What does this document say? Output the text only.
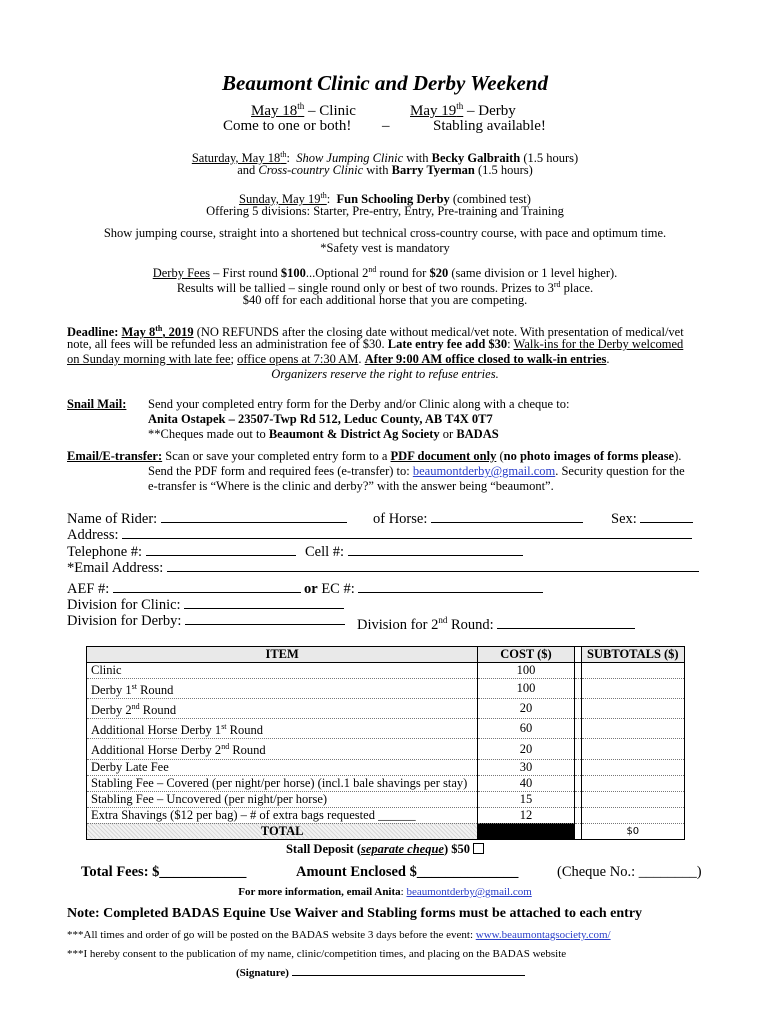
Beaumont Clinic and Derby Weekend
May 18th – Clinic	May 19th – Derby
Come to one or both! –	Stabling available!
Saturday, May 18th: Show Jumping Clinic with Becky Galbraith (1.5 hours)
and Cross-country Clinic with Barry Tyerman (1.5 hours)
Sunday, May 19th: Fun Schooling Derby (combined test)
Offering 5 divisions: Starter, Pre-entry, Entry, Pre-training and Training
Show jumping course, straight into a shortened but technical cross-country course, with pace and optimum time.
*Safety vest is mandatory
Derby Fees – First round $100...Optional 2nd round for $20 (same division or 1 level higher).
Results will be tallied – single round only or best of two rounds. Prizes to 3rd place.
$40 off for each additional horse that you are competing.
Deadline: May 8th, 2019 (NO REFUNDS after the closing date without medical/vet note. With presentation of medical/vet
note, all fees will be refunded less an administration fee of $30. Late entry fee add $30: Walk-ins for the Derby welcomed
on Sunday morning with late fee; office opens at 7:30 AM. After 9:00 AM office closed to walk-in entries.
Organizers reserve the right to refuse entries.
Snail Mail: Send your completed entry form for the Derby and/or Clinic along with a cheque to:
Anita Ostapek – 23507-Twp Rd 512, Leduc County, AB T4X 0T7
**Cheques made out to Beaumont & District Ag Society or BADAS
Email/E-transfer: Scan or save your completed entry form to a PDF document only (no photo images of forms please).
Send the PDF form and required fees (e-transfer) to: beaumontderby@gmail.com. Security question for the
e-transfer is “Where is the clinic and derby?” with the answer being “beaumont”.
Name of Rider:	of Horse:	Sex:
Address:
Telephone #:	Cell #:
*Email Address:
AEF #:	or EC #:
Division for Clinic:
Division for Derby:	Division for 2nd Round:
ITEM	COST ($)		SUBTOTALS ($)
Clinic	100		
Derby 1st Round	100		
Derby 2nd Round	20		
Additional Horse Derby 1st Round	60		
Additional Horse Derby 2nd Round	20		
Derby Late Fee	30		
Stabling Fee – Covered (per night/per horse) (incl.1 bale shavings per stay)	40		
Stabling Fee – Uncovered (per night/per horse)	15		
Extra Shavings ($12 per bag) – # of extra bags requested ______	12		
TOTAL			$0
Stall Deposit (separate cheque) $50
Total Fees: $____________	Amount Enclosed $______________	(Cheque No.: ________)
For more information, email Anita: beaumontderby@gmail.com
Note: Completed BADAS Equine Use Waiver and Stabling forms must be attached to each entry
***All times and order of go will be posted on the BADAS website 3 days before the event: www.beaumontagsociety.com/
***I hereby consent to the publication of my name, clinic/competition times, and placing on the BADAS website
(Signature)
